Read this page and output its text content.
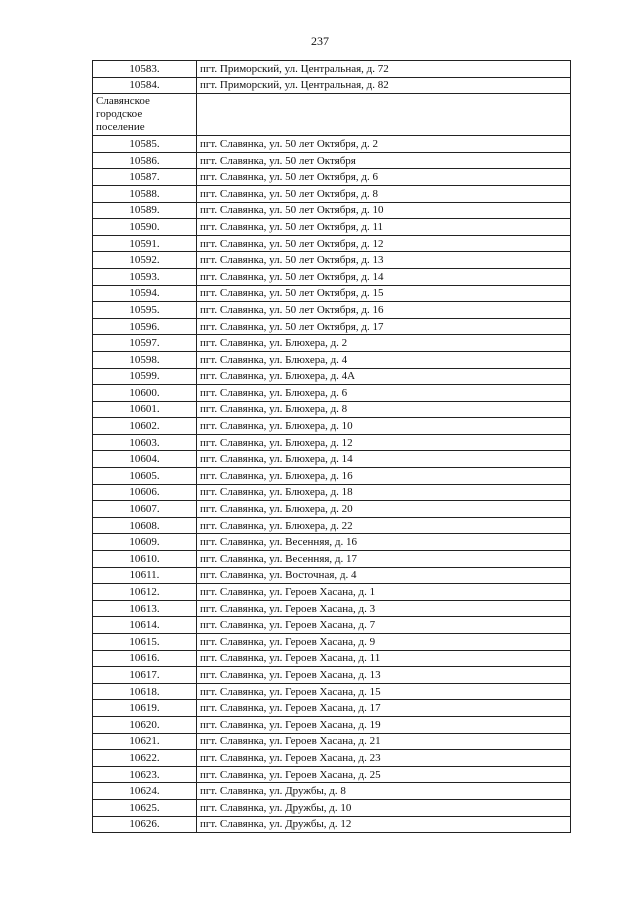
237
10583.	пгт. Приморский, ул. Центральная, д. 72
10584.	пгт. Приморский, ул. Центральная, д. 82
Славянское городское поселение	
10585.	пгт. Славянка, ул. 50 лет Октября, д. 2
10586.	пгт. Славянка, ул. 50 лет Октября
10587.	пгт. Славянка, ул. 50 лет Октября, д. 6
10588.	пгт. Славянка, ул. 50 лет Октября, д. 8
10589.	пгт. Славянка, ул. 50 лет Октября, д. 10
10590.	пгт. Славянка, ул. 50 лет Октября, д. 11
10591.	пгт. Славянка, ул. 50 лет Октября, д. 12
10592.	пгт. Славянка, ул. 50 лет Октября, д. 13
10593.	пгт. Славянка, ул. 50 лет Октября, д. 14
10594.	пгт. Славянка, ул. 50 лет Октября, д. 15
10595.	пгт. Славянка, ул. 50 лет Октября, д. 16
10596.	пгт. Славянка, ул. 50 лет Октября, д. 17
10597.	пгт. Славянка, ул. Блюхера, д. 2
10598.	пгт. Славянка, ул. Блюхера, д. 4
10599.	пгт. Славянка, ул. Блюхера, д. 4А
10600.	пгт. Славянка, ул. Блюхера, д. 6
10601.	пгт. Славянка, ул. Блюхера, д. 8
10602.	пгт. Славянка, ул. Блюхера, д. 10
10603.	пгт. Славянка, ул. Блюхера, д. 12
10604.	пгт. Славянка, ул. Блюхера, д. 14
10605.	пгт. Славянка, ул. Блюхера, д. 16
10606.	пгт. Славянка, ул. Блюхера, д. 18
10607.	пгт. Славянка, ул. Блюхера, д. 20
10608.	пгт. Славянка, ул. Блюхера, д. 22
10609.	пгт. Славянка, ул. Весенняя, д. 16
10610.	пгт. Славянка, ул. Весенняя, д. 17
10611.	пгт. Славянка, ул. Восточная, д. 4
10612.	пгт. Славянка, ул. Героев Хасана, д. 1
10613.	пгт. Славянка, ул. Героев Хасана, д. 3
10614.	пгт. Славянка, ул. Героев Хасана, д. 7
10615.	пгт. Славянка, ул. Героев Хасана, д. 9
10616.	пгт. Славянка, ул. Героев Хасана, д. 11
10617.	пгт. Славянка, ул. Героев Хасана, д. 13
10618.	пгт. Славянка, ул. Героев Хасана, д. 15
10619.	пгт. Славянка, ул. Героев Хасана, д. 17
10620.	пгт. Славянка, ул. Героев Хасана, д. 19
10621.	пгт. Славянка, ул. Героев Хасана, д. 21
10622.	пгт. Славянка, ул. Героев Хасана, д. 23
10623.	пгт. Славянка, ул. Героев Хасана, д. 25
10624.	пгт. Славянка, ул. Дружбы, д. 8
10625.	пгт. Славянка, ул. Дружбы, д. 10
10626.	пгт. Славянка, ул. Дружбы, д. 12
